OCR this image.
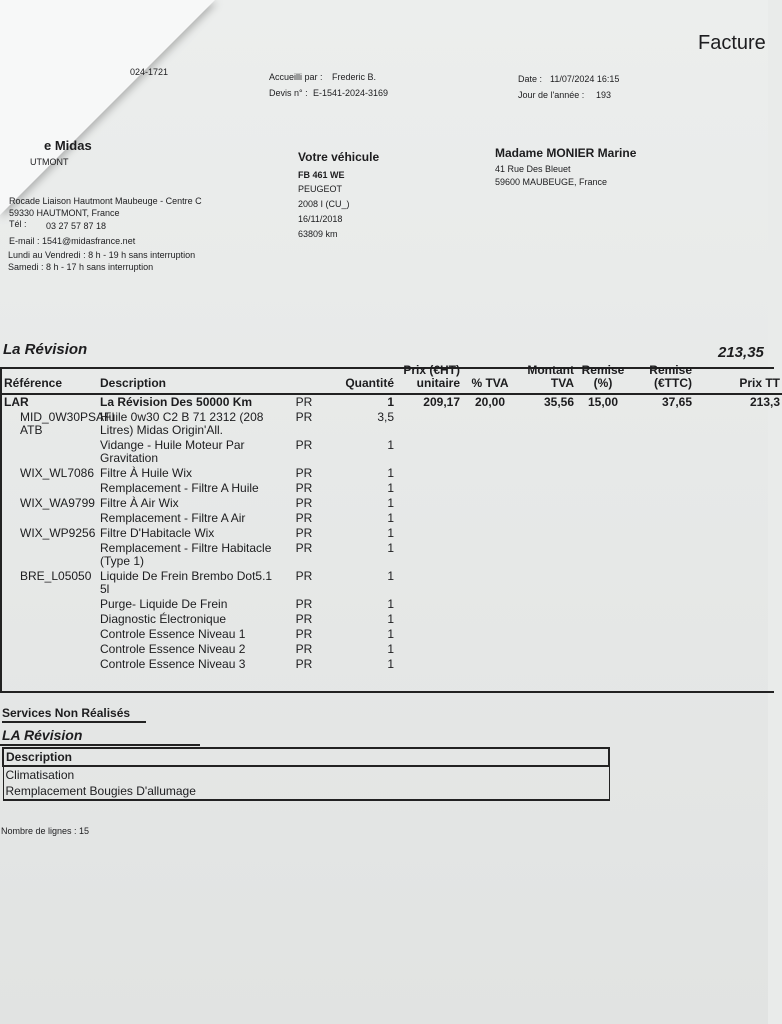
024-1721
Facture
Accueilli par : Frederic B.
Devis n° : E-1541-2024-3169
Date : 11/07/2024 16:15
Jour de l'année : 193
e Midas
UTMONT
Rocade Liaison Hautmont Maubeuge - Centre C
59330 HAUTMONT, France
Tél : 03 27 57 87 18
E-mail : 1541@midasfrance.net
Lundi au Vendredi : 8 h - 19 h sans interruption
Samedi : 8 h - 17 h sans interruption
Votre véhicule
FB 461 WE
PEUGEOT
2008 I (CU_)
16/11/2018
63809 km
Madame MONIER Marine
41 Rue Des Bleuet
59600 MAUBEUGE, France
La Révision	213,35
Référence	Description		Quantité	Prix (€HT) unitaire	% TVA	Montant TVA	Remise (%)	Remise (€TTC)	Prix TT
LAR	La Révision Des 50000 Km	PR	1	209,17	20,00	35,56	15,00	37,65	213,3
MID_0W30PSAFI ATB	Huile 0w30 C2 B 71 2312 (208 Litres) Midas Origin'All.	PR	3,5						
	Vidange - Huile Moteur Par Gravitation	PR	1						
WIX_WL7086	Filtre À Huile Wix	PR	1						
	Remplacement - Filtre A Huile	PR	1						
WIX_WA9799	Filtre À Air Wix	PR	1						
	Remplacement - Filtre A Air	PR	1						
WIX_WP9256	Filtre D'Habitacle Wix	PR	1						
	Remplacement - Filtre Habitacle (Type 1)	PR	1						
BRE_L05050	Liquide De Frein Brembo Dot5.1 5l	PR	1						
	Purge- Liquide De Frein	PR	1						
	Diagnostic Électronique	PR	1						
	Controle Essence Niveau 1	PR	1						
	Controle Essence Niveau 2	PR	1						
	Controle Essence Niveau 3	PR	1						
Services Non Réalisés
LA Révision
Description
Climatisation
Remplacement Bougies D'allumage
Nombre de lignes : 15
